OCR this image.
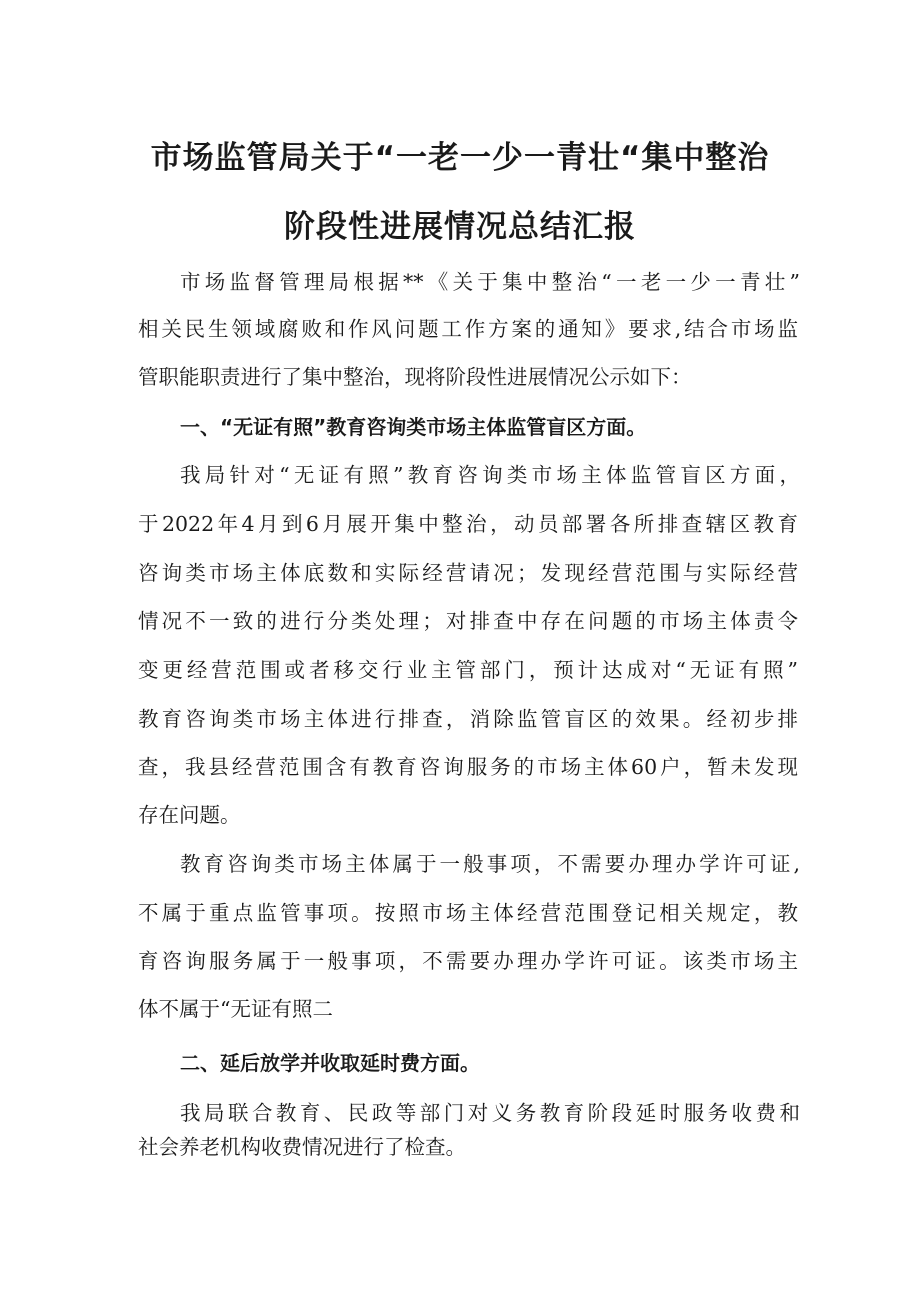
市场监管局关于“一老一少一青壮“集中整治
阶段性进展情况总结汇报
市场监督管理局根据**《关于集中整治“一老一少一青壮”
相关民生领域腐败和作风问题工作方案的通知》要求,结合市场监
管职能职责进行了集中整治，现将阶段性进展情况公示如下：
一、“无证有照”教育咨询类市场主体监管盲区方面。
我局针对“无证有照”教育咨询类市场主体监管盲区方面，
于2022年4月到6月展开集中整治，动员部署各所排查辖区教育
咨询类市场主体底数和实际经营请况；发现经营范围与实际经营
情况不一致的进行分类处理；对排查中存在问题的市场主体责令
变更经营范围或者移交行业主管部门，预计达成对“无证有照”
教育咨询类市场主体进行排查，消除监管盲区的效果。经初步排
查，我县经营范围含有教育咨询服务的市场主体60户，暂未发现
存在问题。
教育咨询类市场主体属于一般事项，不需要办理办学许可证,
不属于重点监管事项。按照市场主体经营范围登记相关规定，教
育咨询服务属于一般事项，不需要办理办学许可证。该类市场主
体不属于“无证有照二
二、延后放学并收取延时费方面。
我局联合教育、民政等部门对义务教育阶段延时服务收费和
社会养老机构收费情况进行了检查。
